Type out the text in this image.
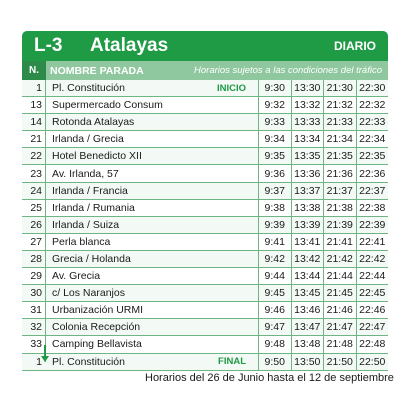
L-3	Atalayas	DIARIO
N.	NOMBRE PARADA	Horarios sujetos a las condiciones del tráfico
1 Pl. Constitución	INICIO	9:30 13:30 21:30 22:30
13 Supermercado Consum	9:32 13:32 21:32 22:32
14 Rotonda Atalayas	9:33 13:33 21:33 22:33
21 Irlanda / Grecia	9:34 13:34 21:34 22:34
22 Hotel Benedicto XII	9:35 13:35 21:35 22:35
23 Av. Irlanda, 57	9:36 13:36 21:36 22:36
24 Irlanda / Francia	9:37 13:37 21:37 22:37
25 Irlanda / Rumania	9:38 13:38 21:38 22:38
26 Irlanda / Suiza	9:39 13:39 21:39 22:39
27 Perla blanca	9:41 13:41 21:41 22:41
28 Grecia / Holanda	9:42 13:42 21:42 22:42
29 Av. Grecia	9:44 13:44 21:44 22:44
30 c/ Los Naranjos	9:45 13:45 21:45 22:45
31 Urbanización URMI	9:46 13:46 21:46 22:46
32 Colonia Recepción	9:47 13:47 21:47 22:47
33 Camping Bellavista	9:48 13:48 21:48 22:48
1 Pl. Constitución	FINAL	9:50 13:50 21:50 22:50
Horarios del 26 de Junio hasta el 12 de septiembre
